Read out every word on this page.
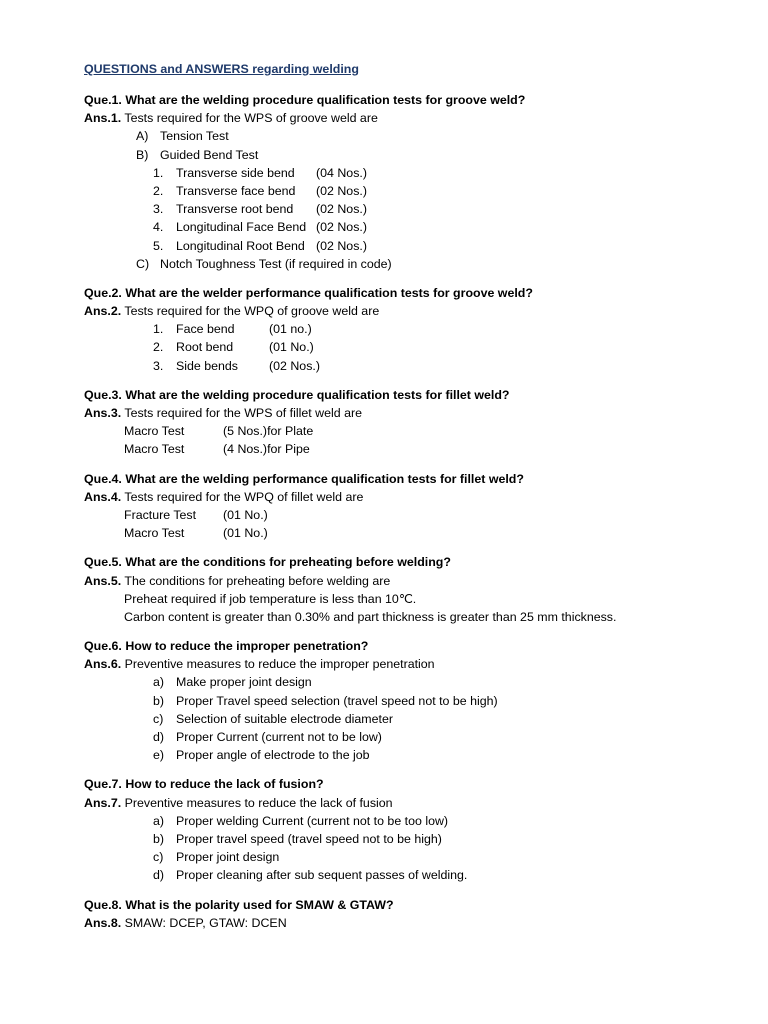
QUESTIONS and ANSWERS regarding welding
Que.1. What are the welding procedure qualification tests for groove weld?
Ans.1. Tests required for the WPS of groove weld are
A) Tension Test
B) Guided Bend Test
1. Transverse side bend (04 Nos.)
2. Transverse face bend (02 Nos.)
3. Transverse root bend (02 Nos.)
4. Longitudinal Face Bend (02 Nos.)
5. Longitudinal Root Bend (02 Nos.)
C) Notch Toughness Test (if required in code)
Que.2. What are the welder performance qualification tests for groove weld?
Ans.2. Tests required for the WPQ of groove weld are
1. Face bend	(01 no.)
2. Root bend	(01 No.)
3. Side bends (02 Nos.)
Que.3. What are the welding procedure qualification tests for fillet weld?
Ans.3. Tests required for the WPS of fillet weld are
Macro Test	(5 Nos.)for Plate
Macro Test	(4 Nos.)for Pipe
Que.4. What are the welding performance qualification tests for fillet weld?
Ans.4. Tests required for the WPQ of fillet weld are
Fracture Test (01 No.)
Macro Test	(01 No.)
Que.5. What are the conditions for preheating before welding?
Ans.5. The conditions for preheating before welding are
Preheat required if job temperature is less than 10℃.
Carbon content is greater than 0.30% and part thickness is greater than 25 mm thickness.
Que.6. How to reduce the improper penetration?
Ans.6. Preventive measures to reduce the improper penetration
a) Make proper joint design
b) Proper Travel speed selection (travel speed not to be high)
c) Selection of suitable electrode diameter
d) Proper Current (current not to be low)
e) Proper angle of electrode to the job
Que.7. How to reduce the lack of fusion?
Ans.7. Preventive measures to reduce the lack of fusion
a) Proper welding Current (current not to be too low)
b) Proper travel speed (travel speed not to be high)
c) Proper joint design
d) Proper cleaning after sub sequent passes of welding.
Que.8. What is the polarity used for SMAW & GTAW?
Ans.8. SMAW: DCEP, GTAW: DCEN
